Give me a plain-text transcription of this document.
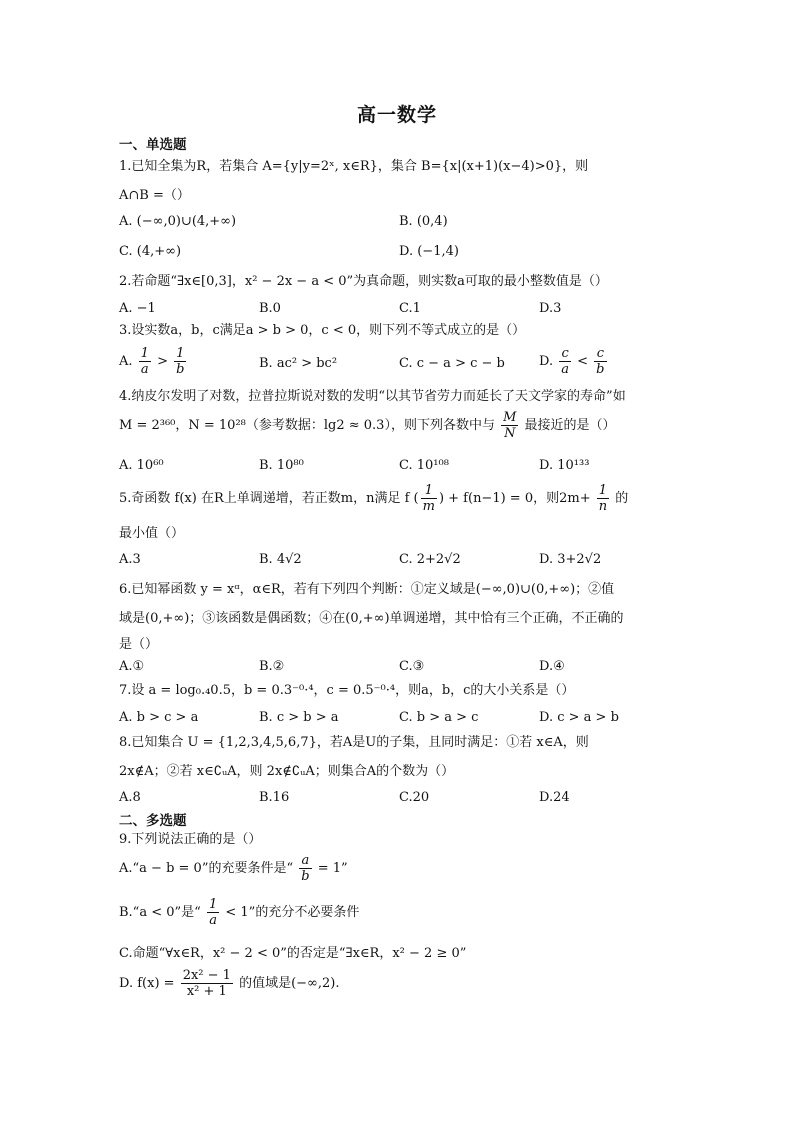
高一数学
一、单选题
1.已知全集为R，若集合 A={y|y=2ˣ, x∈R}，集合 B={x|(x+1)(x−4)>0}，则
A∩B =（）
A. (−∞,0)∪(4,+∞)	B. (0,4)
C. (4,+∞)	D. (−1,4)
2.若命题“∃x∈[0,3]，x² − 2x − a < 0”为真命题，则实数a可取的最小整数值是（）
A. −1	B.0	C.1	D.3
3.设实数a，b，c满足a > b > 0，c < 0，则下列不等式成立的是（）
A. $\frac{1}{a} > \frac{1}{b}$	B. ac² > bc²	C. c − a > c − b	D. $\frac{c}{a} < \frac{c}{b}$
4.纳皮尔发明了对数，拉普拉斯说对数的发明“以其节省劳力而延长了天文学家的寿命”如
M = 2³⁶⁰，N = 10²⁸（参考数据：lg2 ≈ 0.3），则下列各数中与 $\frac{M}{N}$ 最接近的是（）
A. 10⁶⁰	B. 10⁸⁰	C. 10¹⁰⁸	D. 10¹³³
5.奇函数 f(x) 在R上单调递增，若正数m，n满足 f ( $\frac{1}{m}$ ) + f(n−1) = 0，则$2m+ \frac{1}{n}$ 的
最小值（）
A.3	B. 4√2	C. 2+2√2	D. 3+2√2
6.已知幂函数 y = xᵅ，α∈R，若有下列四个判断：①定义域是(−∞,0)∪(0,+∞)；②值
域是(0,+∞)；③该函数是偶函数；④在(0,+∞)单调递增，其中恰有三个正确，不正确的
是（）
A.①	B.②	C.③	D.④
7.设 a = log₀.₄0.5，b = 0.3⁻⁰·⁴，c = 0.5⁻⁰·⁴，则a，b，c的大小关系是（）
A. b > c > a	B. c > b > a	C. b > a > c	D. c > a > b
8.已知集合 U = {1,2,3,4,5,6,7}，若A是U的子集，且同时满足：①若 x∈A，则
2x∉A；②若 x∈∁ᵤA，则 2x∉∁ᵤA；则集合A的个数为（）
A.8	B.16	C.20	D.24
二、多选题
9.下列说法正确的是（）
A.“a − b = 0”的充要条件是“ $\frac{a}{b} = 1$”
B.“a < 0”是“ $\frac{1}{a} < 1$”的充分不必要条件
C.命题“∀x∈R，x² − 2 < 0”的否定是“∃x∈R，x² − 2 ≥ 0”
D. $f(x) = \frac{\text{2x² − 1}}{\text{x² + 1}}$ 的值域是(−∞,2).
